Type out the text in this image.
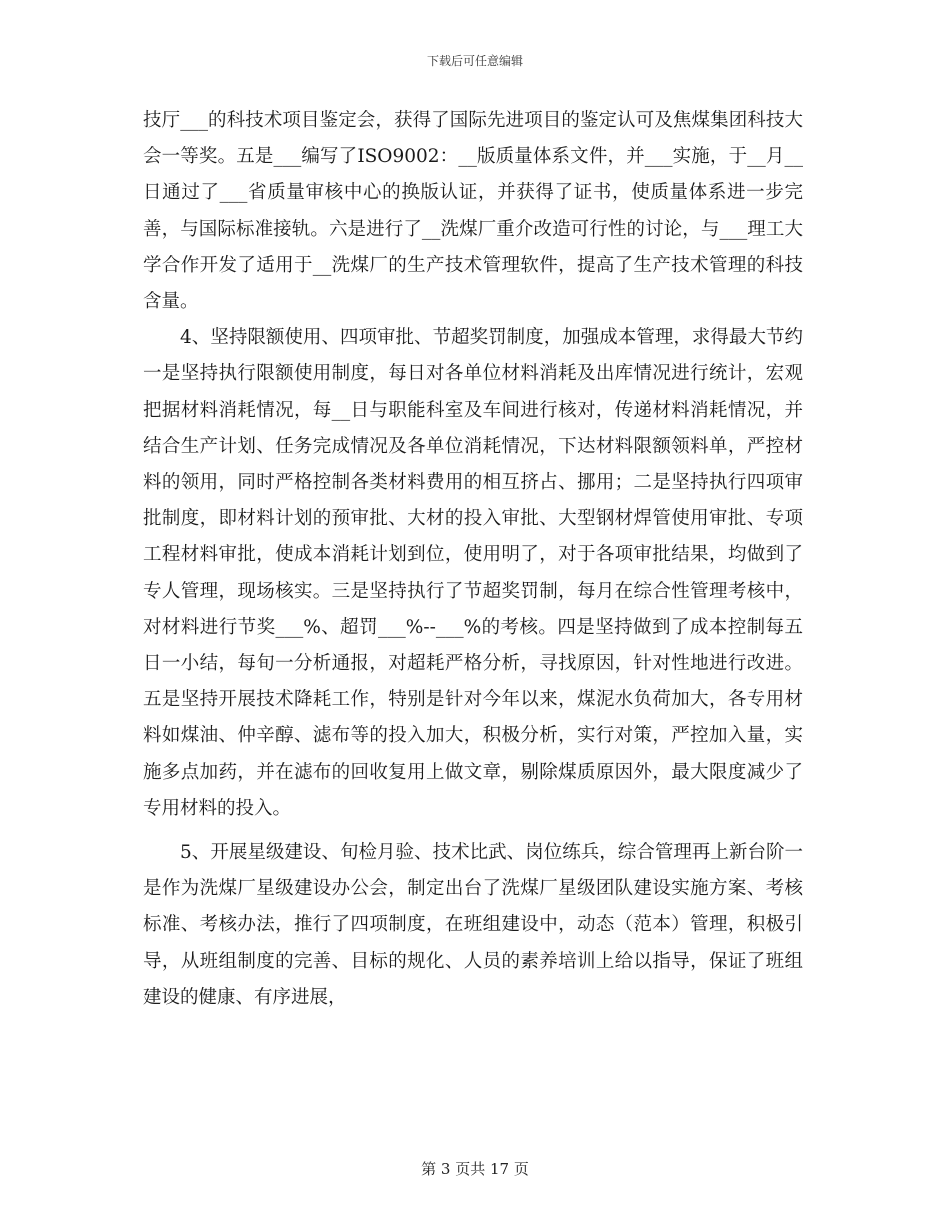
下载后可任意编辑

技厅___的科技术项目鉴定会，获得了国际先进项目的鉴定认可及焦煤集团科技大会一等奖。五是___编写了ISO9002：__版质量体系文件，并___实施，于__月__日通过了___省质量审核中心的换版认证，并获得了证书，使质量体系进一步完善，与国际标准接轨。六是进行了__洗煤厂重介改造可行性的讨论，与___理工大学合作开发了适用于__洗煤厂的生产技术管理软件，提高了生产技术管理的科技含量。

4、坚持限额使用、四项审批、节超奖罚制度，加强成本管理，求得最大节约一是坚持执行限额使用制度，每日对各单位材料消耗及出库情况进行统计，宏观把据材料消耗情况，每__日与职能科室及车间进行核对，传递材料消耗情况，并结合生产计划、任务完成情况及各单位消耗情况，下达材料限额领料单，严控材料的领用，同时严格控制各类材料费用的相互挤占、挪用；二是坚持执行四项审批制度，即材料计划的预审批、大材的投入审批、大型钢材焊管使用审批、专项工程材料审批，使成本消耗计划到位，使用明了，对于各项审批结果，均做到了专人管理，现场核实。三是坚持执行了节超奖罚制，每月在综合性管理考核中，对材料进行节奖___%、超罚___%--___%的考核。四是坚持做到了成本控制每五日一小结，每旬一分析通报，对超耗严格分析，寻找原因，针对性地进行改进。五是坚持开展技术降耗工作，特别是针对今年以来，煤泥水负荷加大，各专用材料如煤油、仲辛醇、滤布等的投入加大，积极分析，实行对策，严控加入量，实施多点加药，并在滤布的回收复用上做文章，剔除煤质原因外，最大限度减少了专用材料的投入。

5、开展星级建设、旬检月验、技术比武、岗位练兵，综合管理再上新台阶一是作为洗煤厂星级建设办公会，制定出台了洗煤厂星级团队建设实施方案、考核标准、考核办法，推行了四项制度，在班组建设中，动态（范本）管理，积极引导，从班组制度的完善、目标的规化、人员的素养培训上给以指导，保证了班组建设的健康、有序进展，

第 3 页共 17 页
